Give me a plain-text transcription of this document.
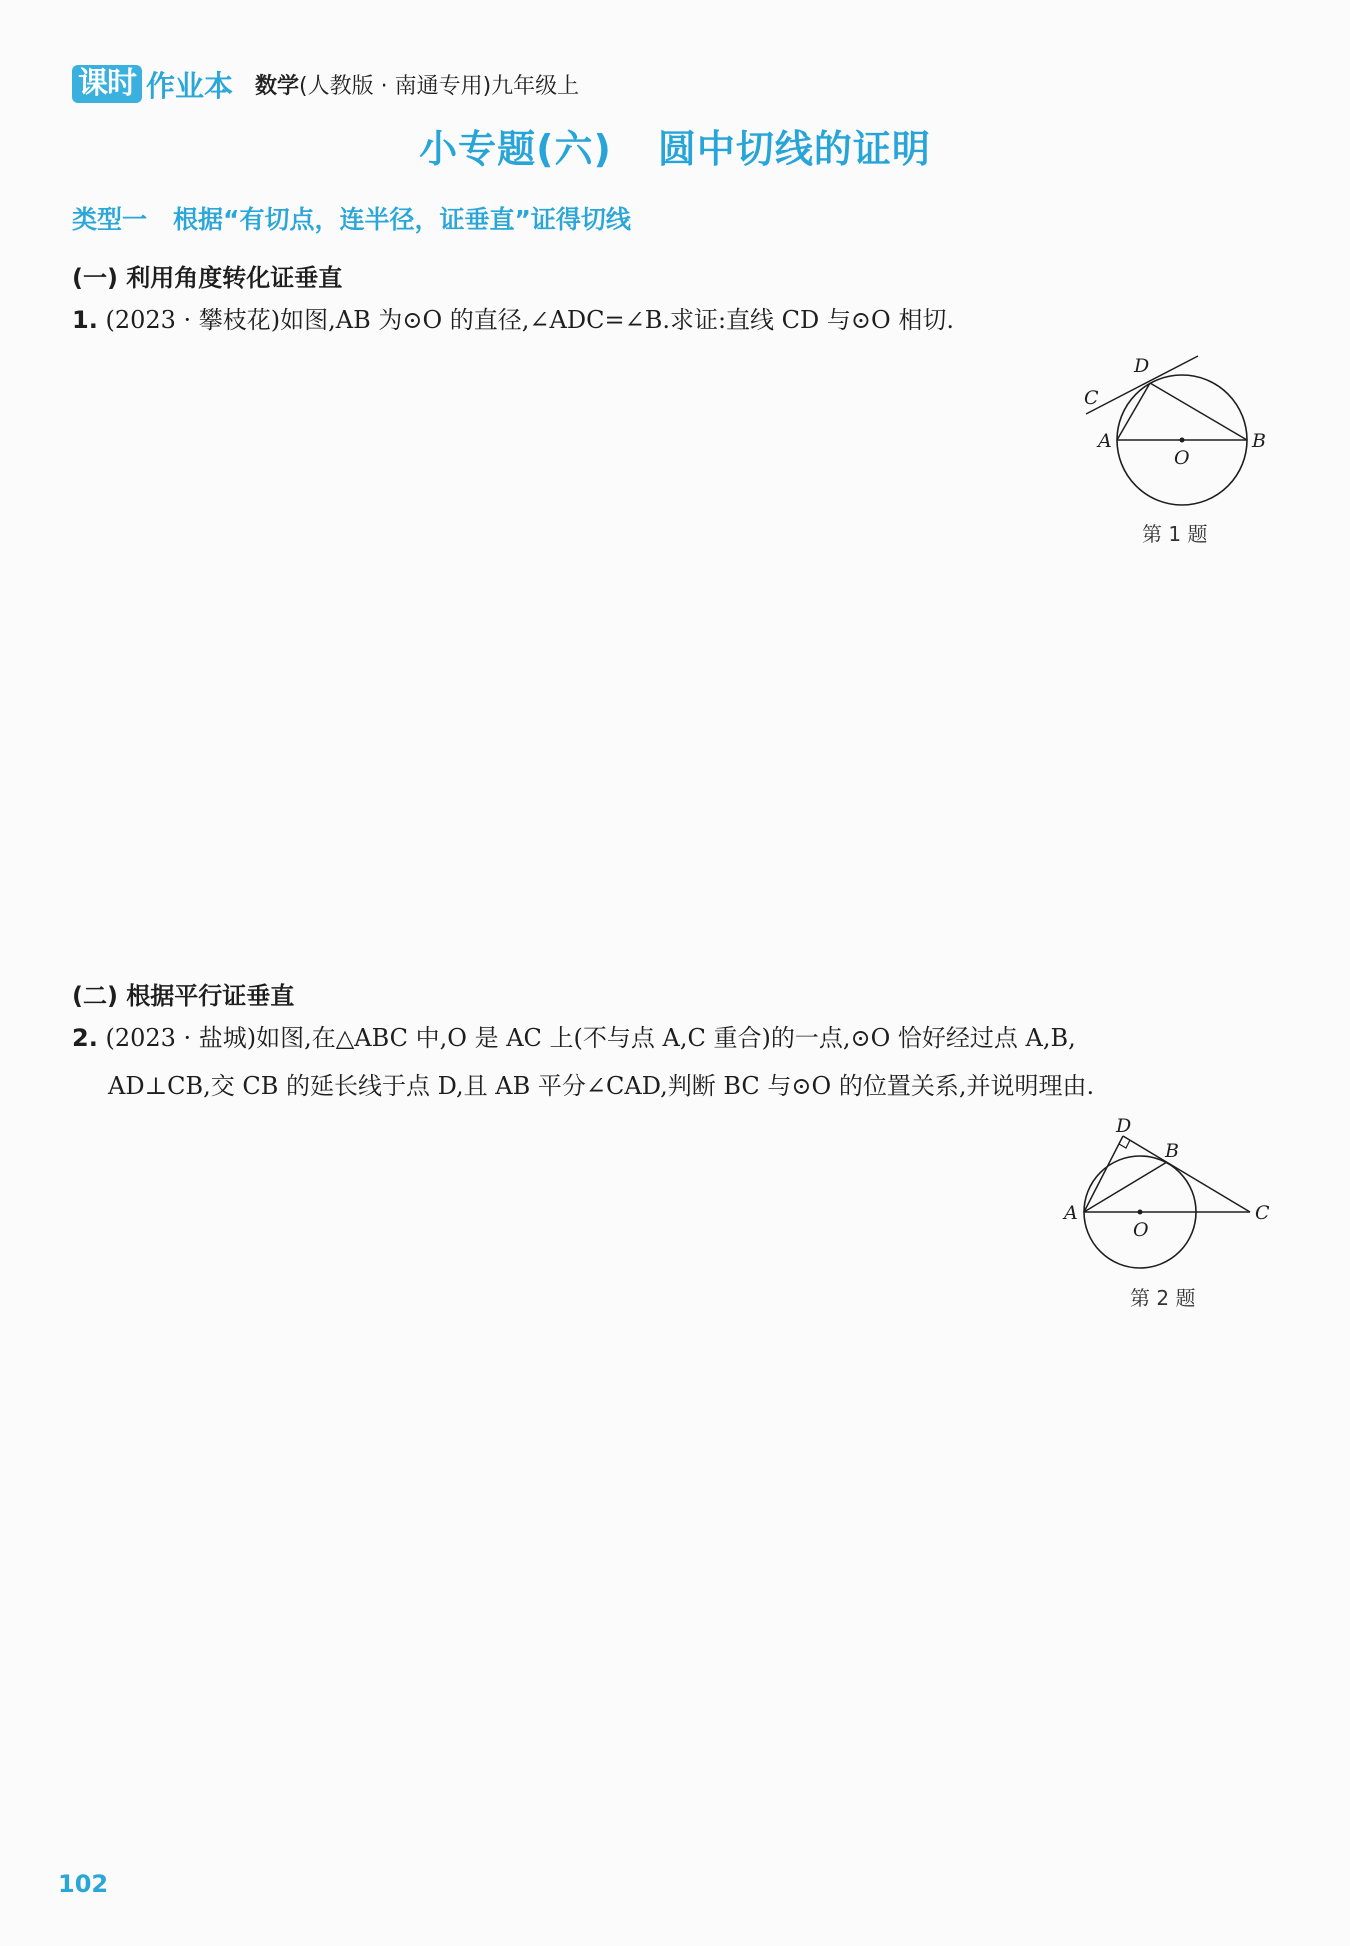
课时 作业本 数学(人教版 · 南通专用)九年级上
小专题(六) 圆中切线的证明
类型一 根据“有切点，连半径，证垂直”证得切线
(一) 利用角度转化证垂直
1. (2023 · 攀枝花)如图,AB 为⊙O 的直径,∠ADC=∠B.求证:直线 CD 与⊙O 相切.
C
D
A	B
O
第 1 题
(二) 根据平行证垂直
2. (2023 · 盐城)如图,在△ABC 中,O 是 AC 上(不与点 A,C 重合)的一点,⊙O 恰好经过点 A,B,
AD⊥CB,交 CB 的延长线于点 D,且 AB 平分∠CAD,判断 BC 与⊙O 的位置关系,并说明理由.
D
B
A	C
O
第 2 题
102
